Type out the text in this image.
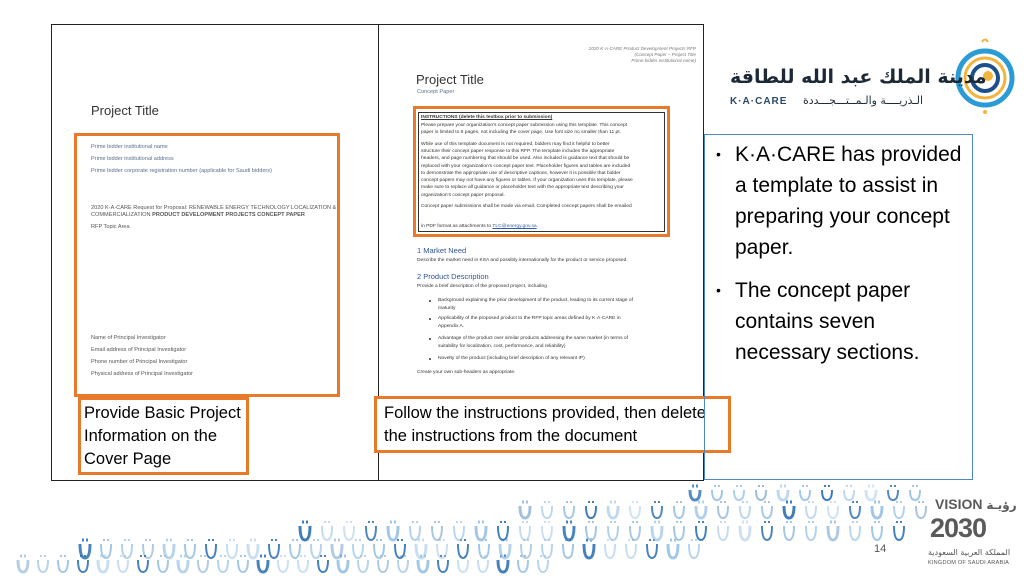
Project Title
Prime bidder institutional name
Prime bidder institutional address
Prime bidder corporate registration number (applicable for Saudi bidders)
2020 K·A·CARE Request for Proposal: RENEWABLE ENERGY TECHNOLOGY LOCALIZATION &
COMMERCIALIZATION PRODUCT DEVELOPMENT PROJECTS CONCEPT PAPER
RFP Topic Area
Name of Principal Investigator
Email address of Principal Investigator
Phone number of Principal Investigator
Physical address of Principal Investigator
2020 K·A·CARE Product Development Projects RFP
(Concept Paper – Project Title
Prime bidder institutional name)
Project Title
Concept Paper
INSTRUCTIONS (delete this textbox prior to submission)
Please prepare your organization's concept paper submission using this template. This concept
paper is limited to 6 pages, not including the cover page. Use font size no smaller than 11 pt.
While use of this template document is not required, bidders may find it helpful to better
structure their concept paper response to this RFP. The template includes the appropriate
headers, and page numbering that should be used. Also included is guidance text that should be
replaced with your organization's concept paper text. Placeholder figures and tables are included
to demonstrate the appropriate use of descriptive captions, however it is possible that bidder
concept papers may not have any figures or tables. If your organization uses this template, please
make sure to replace all guidance or placeholder text with the appropriate text describing your
organization's concept paper proposal.
Concept paper submissions shall be made via email. Completed concept papers shall be emailed
in PDF format as attachments to TLC@energy.gov.sa.
1 Market Need
Describe the market need in KSA and possibly internationally for the product or service proposed.
2 Product Description
Provide a brief description of the proposed project, including
Background explaining the prior development of the product, leading to its current stage of
maturity
Applicability of the proposed product to the RFP topic areas defined by K·A·CARE in
Appendix A.
Advantage of the product over similar products addressing the same market (in terms of
suitability for localization, cost, performance, and reliability)
Novelty of the product (including brief description of any relevant IP)
Create your own sub-headers as appropriate.
Provide Basic Project Information on the Cover Page
Follow the instructions provided, then delete the instructions from the document
• K·A·CARE has provided a template to assist in preparing your concept paper.
• The concept paper contains seven necessary sections.
مدينة الملك عبد الله للطاقة
K·A·CARE الـذريــــة والـمــتـــجـــددة
14
VISION رؤيـة
2030
المملكة العربية السعودية
KINGDOM OF SAUDI ARABIA
